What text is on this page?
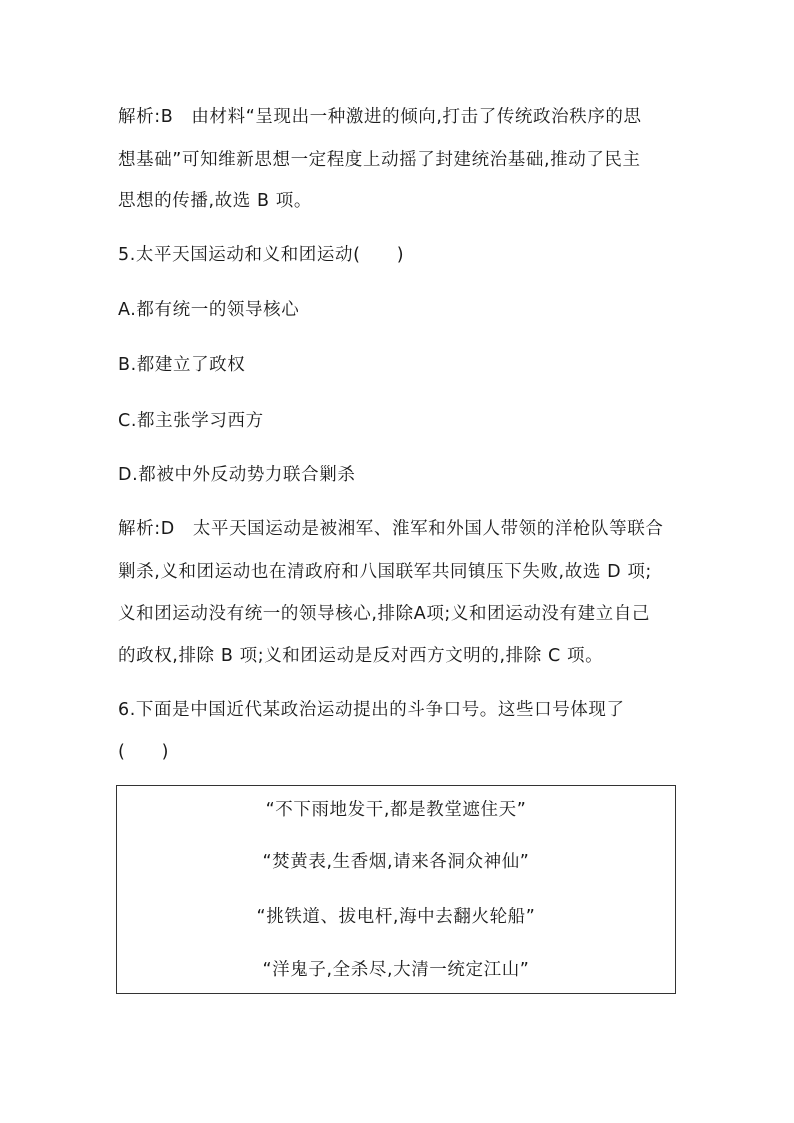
解析:B　由材料“呈现出一种激进的倾向,打击了传统政治秩序的思
想基础”可知维新思想一定程度上动摇了封建统治基础,推动了民主
思想的传播,故选 B 项。
5.太平天国运动和义和团运动(　　)
A.都有统一的领导核心
B.都建立了政权
C.都主张学习西方
D.都被中外反动势力联合剿杀
解析:D　太平天国运动是被湘军、淮军和外国人带领的洋枪队等联合
剿杀,义和团运动也在清政府和八国联军共同镇压下失败,故选 D 项;
义和团运动没有统一的领导核心,排除A项;义和团运动没有建立自己
的政权,排除 B 项;义和团运动是反对西方文明的,排除 C 项。
6.下面是中国近代某政治运动提出的斗争口号。这些口号体现了
(　　)
“不下雨地发干,都是教堂遮住天”
“焚黄表,生香烟,请来各洞众神仙”
“挑铁道、拔电杆,海中去翻火轮船”
“洋鬼子,全杀尽,大清一统定江山”
